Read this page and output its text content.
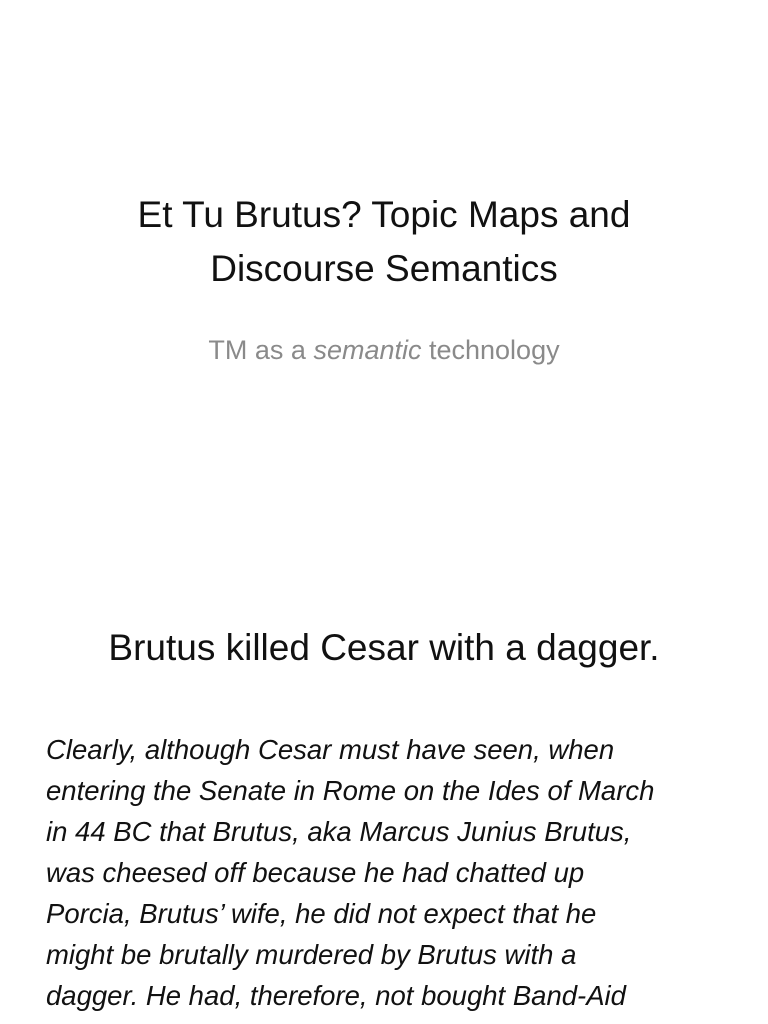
Et Tu Brutus? Topic Maps and
Discourse Semantics
TM as a semantic technology
Brutus killed Cesar with a dagger.
Clearly, although Cesar must have seen, when
entering the Senate in Rome on the Ides of March
in 44 BC that Brutus, aka Marcus Junius Brutus,
was cheesed off because he had chatted up
Porcia, Brutus’ wife, he did not expect that he
might be brutally murdered by Brutus with a
dagger. He had, therefore, not bought Band-Aid
